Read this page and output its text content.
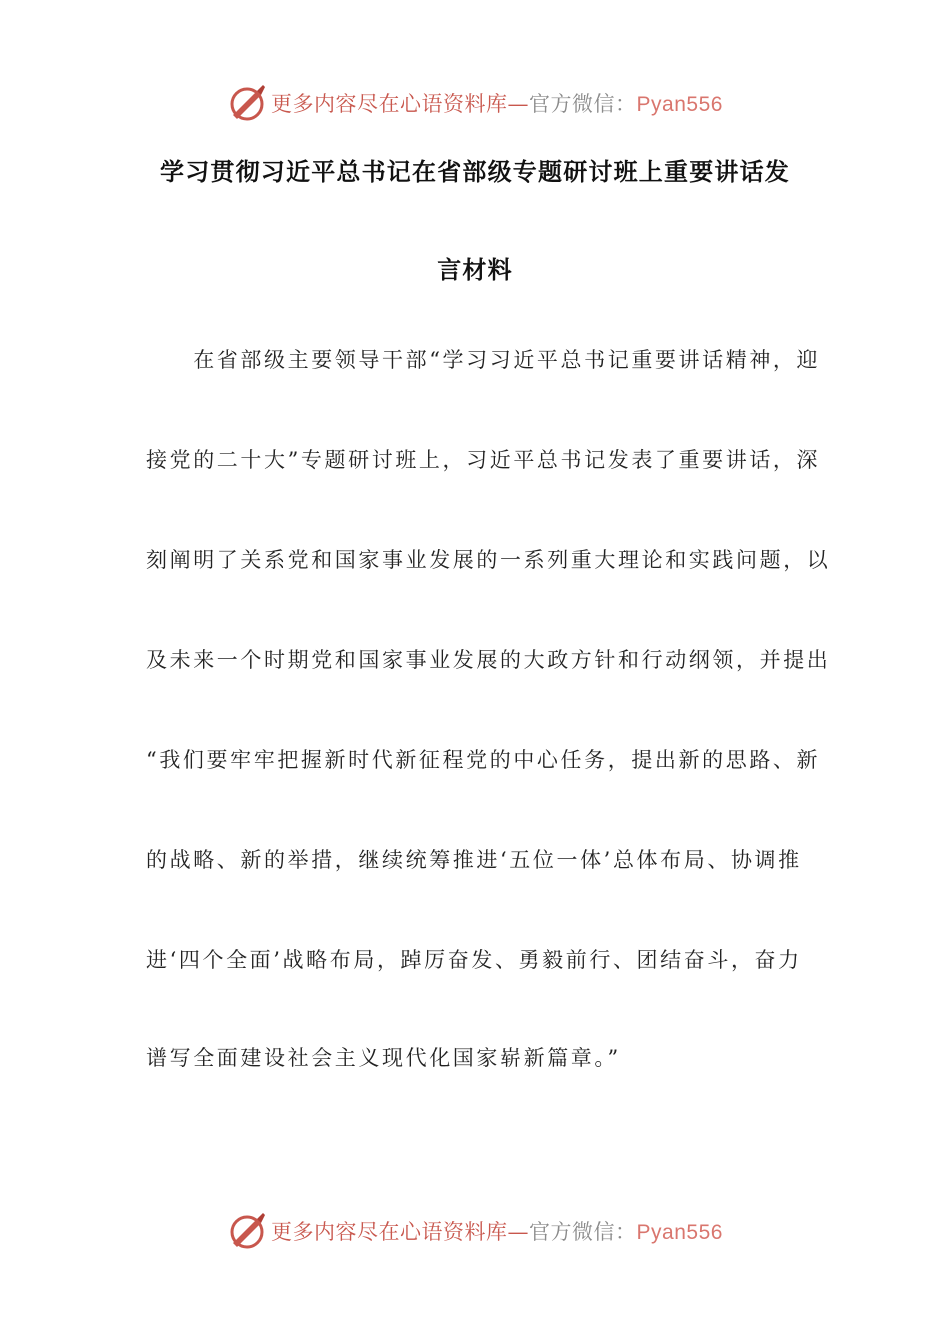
更多内容尽在心语资料库—官方微信：Pyan556
学习贯彻习近平总书记在省部级专题研讨班上重要讲话发
言材料
　　在省部级主要领导干部“学习习近平总书记重要讲话精神，迎
接党的二十大”专题研讨班上，习近平总书记发表了重要讲话，深
刻阐明了关系党和国家事业发展的一系列重大理论和实践问题，以
及未来一个时期党和国家事业发展的大政方针和行动纲领，并提出
“我们要牢牢把握新时代新征程党的中心任务，提出新的思路、新
的战略、新的举措，继续统筹推进‘五位一体’总体布局、协调推
进‘四个全面’战略布局，踔厉奋发、勇毅前行、团结奋斗，奋力
谱写全面建设社会主义现代化国家崭新篇章。”
更多内容尽在心语资料库—官方微信：Pyan556
